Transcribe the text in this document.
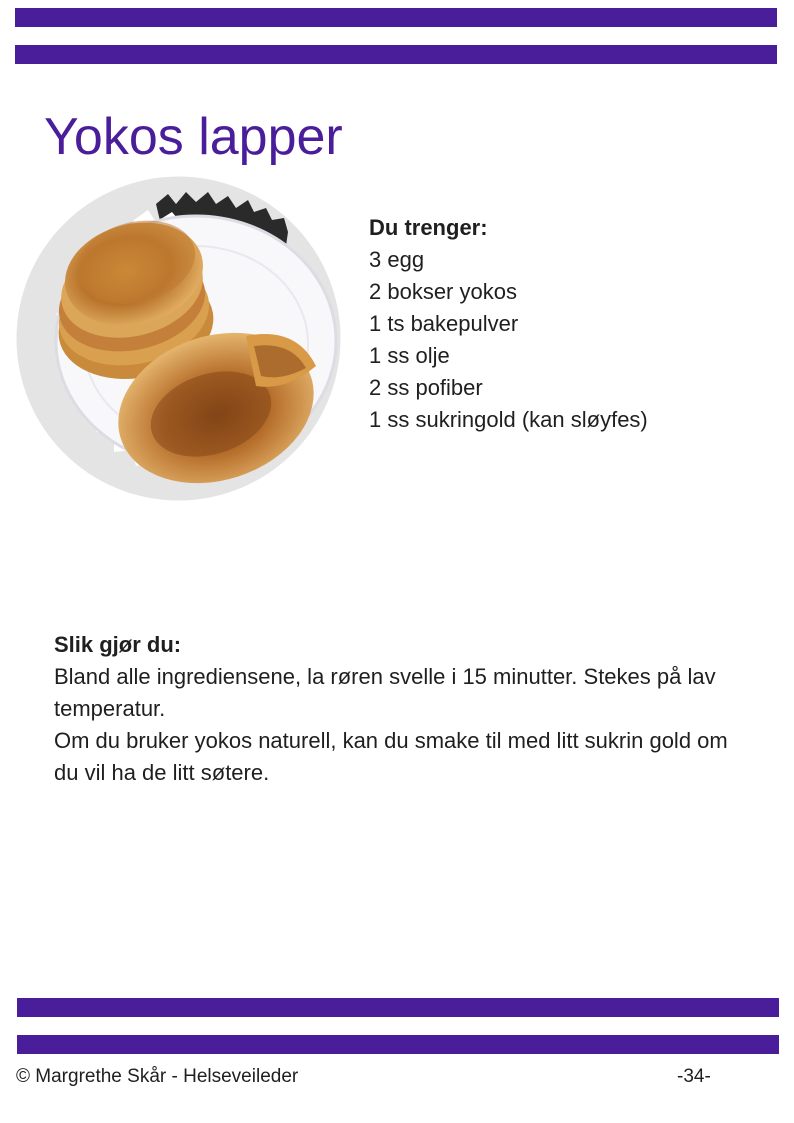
Yokos lapper
Du trenger:
3 egg
2 bokser yokos
1 ts bakepulver
1 ss olje
2 ss pofiber
1 ss sukringold (kan sløyfes)
Slik gjør du:

Bland alle ingrediensene, la røren svelle i 15 minutter. Stekes på lav temperatur.

Om du bruker yokos naturell, kan du smake til med litt sukrin gold om du vil ha de litt søtere.

© Margrethe Skår - Helseveileder	-34-
